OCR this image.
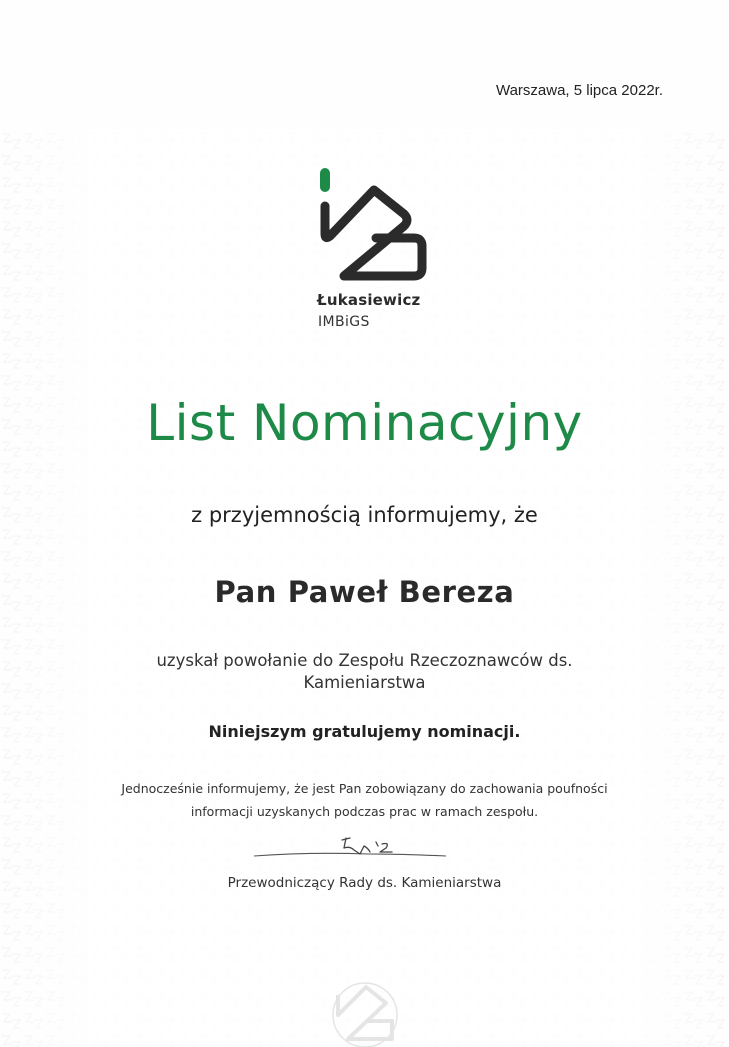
Warszawa, 5 lipca 2022r.
Łukasiewicz
IMBiGS
List Nominacyjny
z przyjemnością informujemy, że
Pan Paweł Bereza
uzyskał powołanie do Zespołu Rzeczoznawców ds. Kamieniarstwa
Niniejszym gratulujemy nominacji.
Jednocześnie informujemy, że jest Pan zobowiązany do zachowania poufności informacji uzyskanych podczas prac w ramach zespołu.
Przewodniczący Rady ds. Kamieniarstwa
